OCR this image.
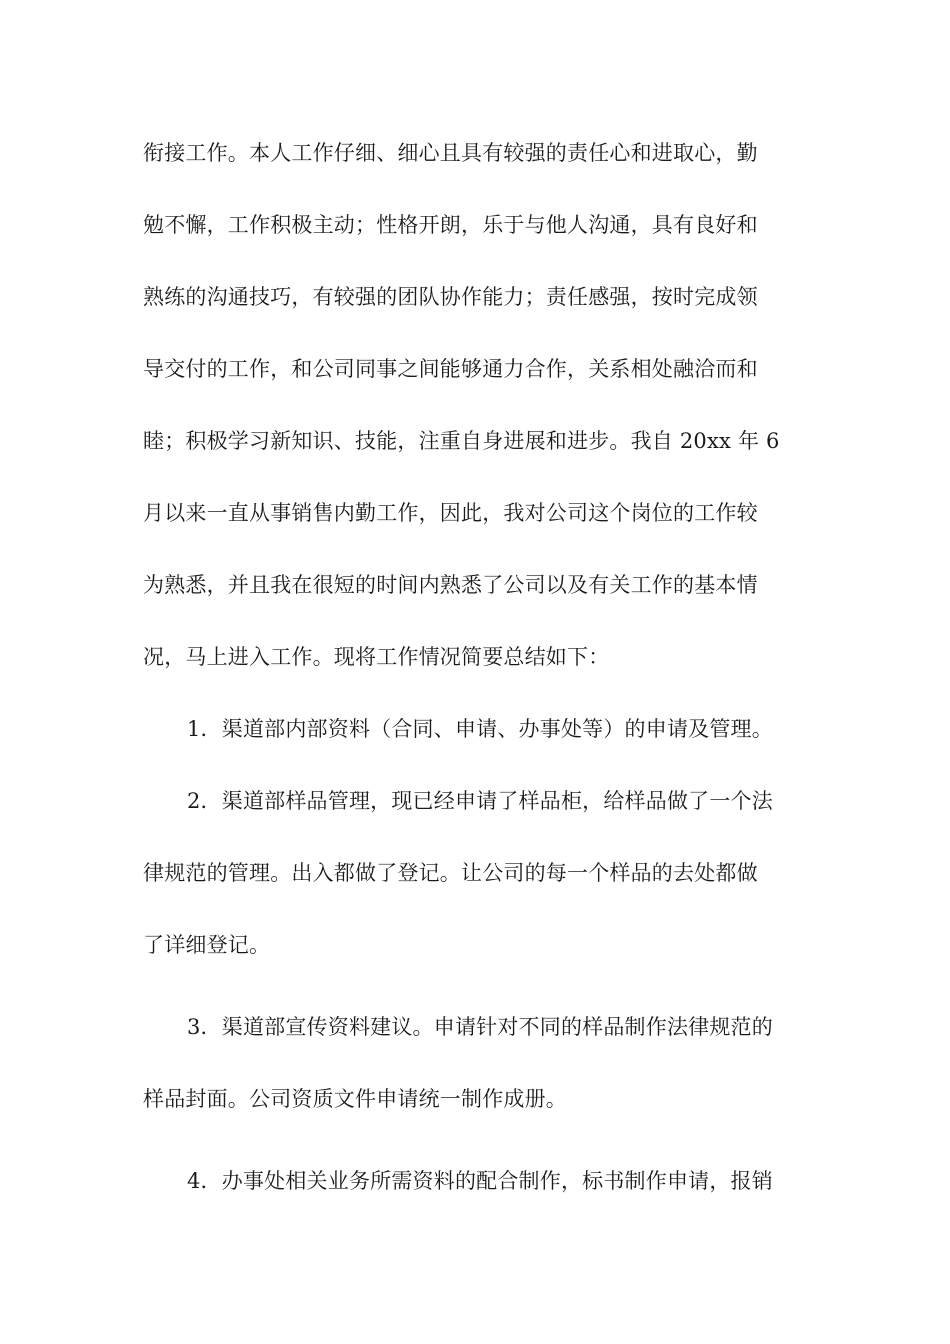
衔接工作。本人工作仔细、细心且具有较强的责任心和进取心，勤
勉不懈，工作积极主动；性格开朗，乐于与他人沟通，具有良好和
熟练的沟通技巧，有较强的团队协作能力；责任感强，按时完成领
导交付的工作，和公司同事之间能够通力合作，关系相处融洽而和
睦；积极学习新知识、技能，注重自身进展和进步。我自 20xx 年 6
月以来一直从事销售内勤工作，因此，我对公司这个岗位的工作较
为熟悉，并且我在很短的时间内熟悉了公司以及有关工作的基本情
况，马上进入工作。现将工作情况简要总结如下：
1．渠道部内部资料（合同、申请、办事处等）的申请及管理。
2．渠道部样品管理，现已经申请了样品柜，给样品做了一个法
律规范的管理。出入都做了登记。让公司的每一个样品的去处都做
了详细登记。
3．渠道部宣传资料建议。申请针对不同的样品制作法律规范的
样品封面。公司资质文件申请统一制作成册。
4．办事处相关业务所需资料的配合制作，标书制作申请，报销
